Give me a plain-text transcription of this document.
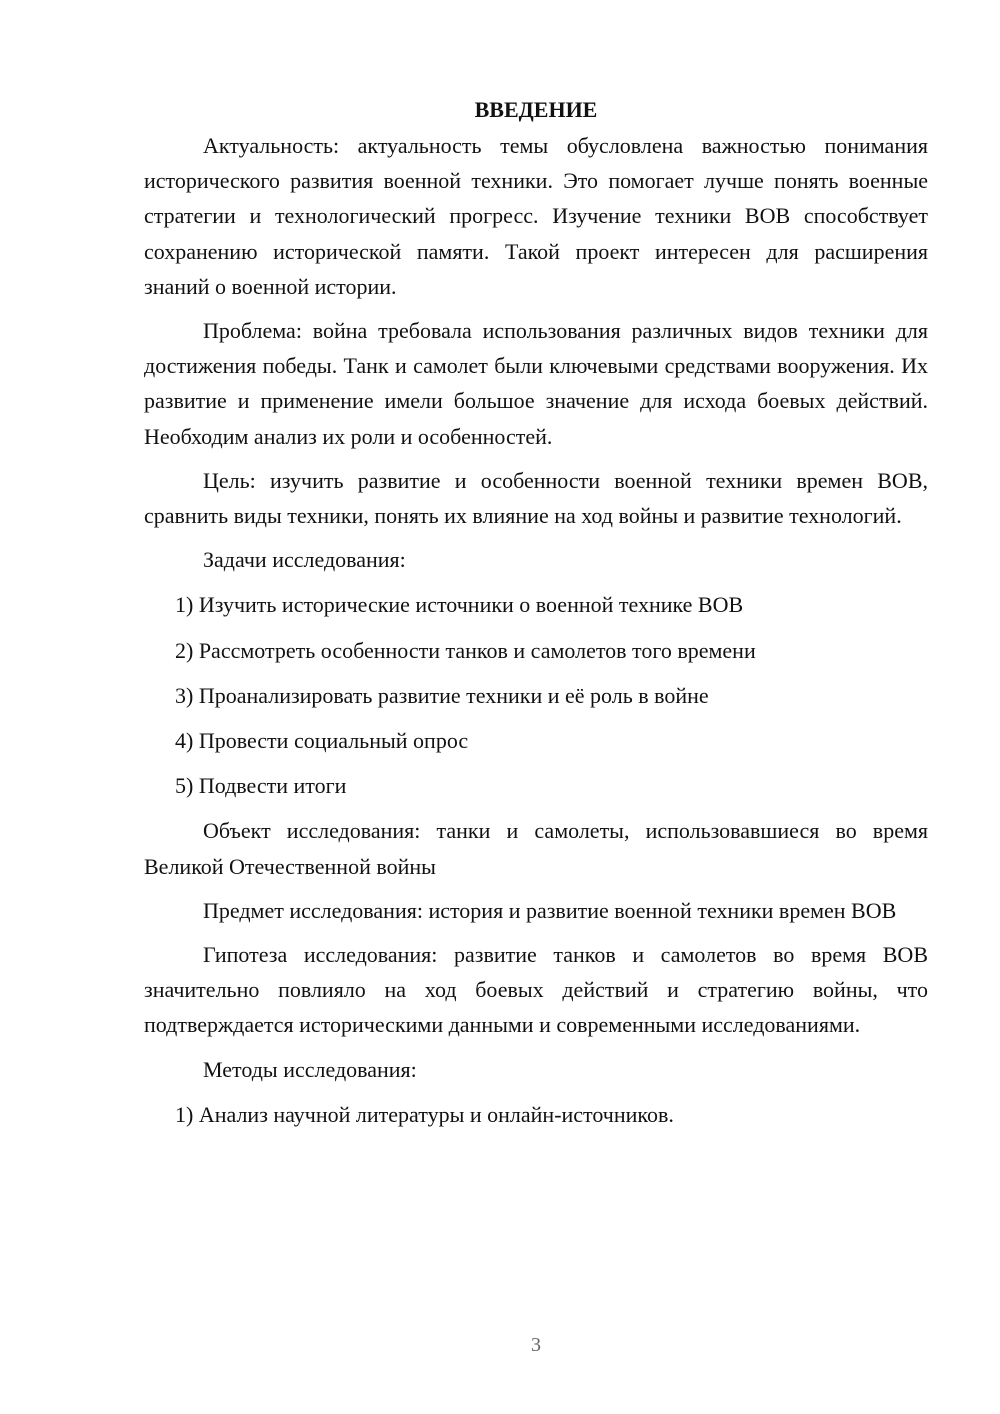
ВВЕДЕНИЕ

Актуальность: актуальность темы обусловлена важностью понимания исторического развития военной техники. Это помогает лучше понять военные стратегии и технологический прогресс. Изучение техники ВОВ способствует сохранению исторической памяти. Такой проект интересен для расширения знаний о военной истории.

Проблема: война требовала использования различных видов техники для достижения победы. Танк и самолет были ключевыми средствами вооружения. Их развитие и применение имели большое значение для исхода боевых действий. Необходим анализ их роли и особенностей.

Цель: изучить развитие и особенности военной техники времен ВОВ, сравнить виды техники, понять их влияние на ход войны и развитие технологий.

Задачи исследования:

1) Изучить исторические источники о военной технике ВОВ
2) Рассмотреть особенности танков и самолетов того времени
3) Проанализировать развитие техники и её роль в войне
4) Провести социальный опрос
5) Подвести итоги

Объект исследования: танки и самолеты, использовавшиеся во время Великой Отечественной войны

Предмет исследования: история и развитие военной техники времен ВОВ

Гипотеза исследования: развитие танков и самолетов во время ВОВ значительно повлияло на ход боевых действий и стратегию войны, что подтверждается историческими данными и современными исследованиями.

Методы исследования:

1) Анализ научной литературы и онлайн-источников.
3
